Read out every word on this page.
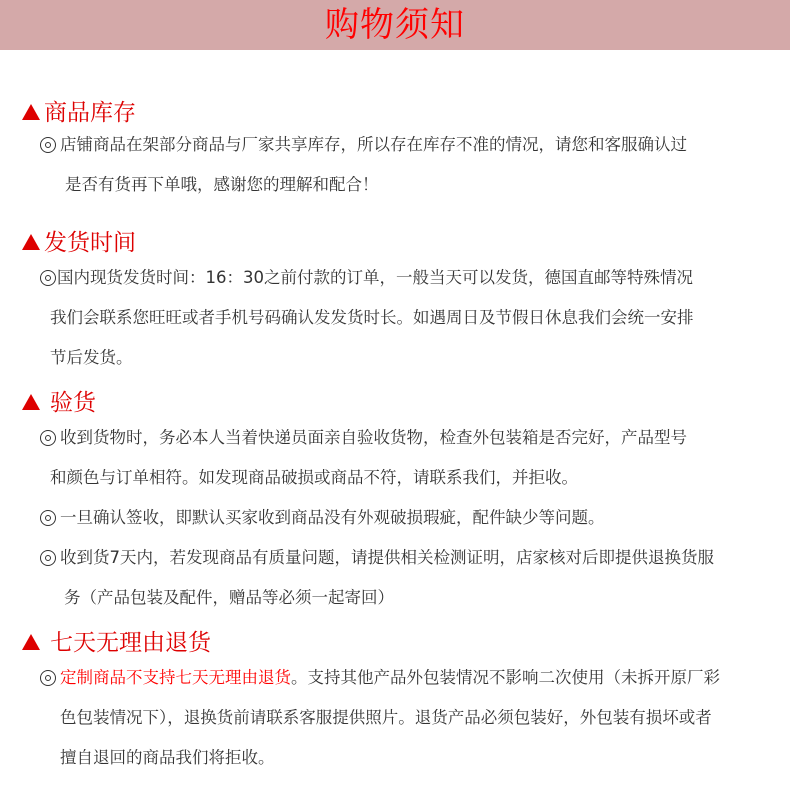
购物须知
商品库存
店铺商品在架部分商品与厂家共享库存，所以存在库存不准的情况，请您和客服确认过
是否有货再下单哦，感谢您的理解和配合！
发货时间
国内现货发货时间：16：30之前付款的订单，一般当天可以发货，德国直邮等特殊情况
我们会联系您旺旺或者手机号码确认发发货时长。如遇周日及节假日休息我们会统一安排
节后发货。
验货
收到货物时，务必本人当着快递员面亲自验收货物，检查外包装箱是否完好，产品型号
和颜色与订单相符。如发现商品破损或商品不符，请联系我们，并拒收。
一旦确认签收，即默认买家收到商品没有外观破损瑕疵，配件缺少等问题。
收到货7天内，若发现商品有质量问题，请提供相关检测证明，店家核对后即提供退换货服
务（产品包装及配件，赠品等必须一起寄回）
七天无理由退货
定制商品不支持七天无理由退货。支持其他产品外包装情况不影响二次使用（未拆开原厂彩
色包装情况下），退换货前请联系客服提供照片。退货产品必须包装好，外包装有损坏或者
擅自退回的商品我们将拒收。
